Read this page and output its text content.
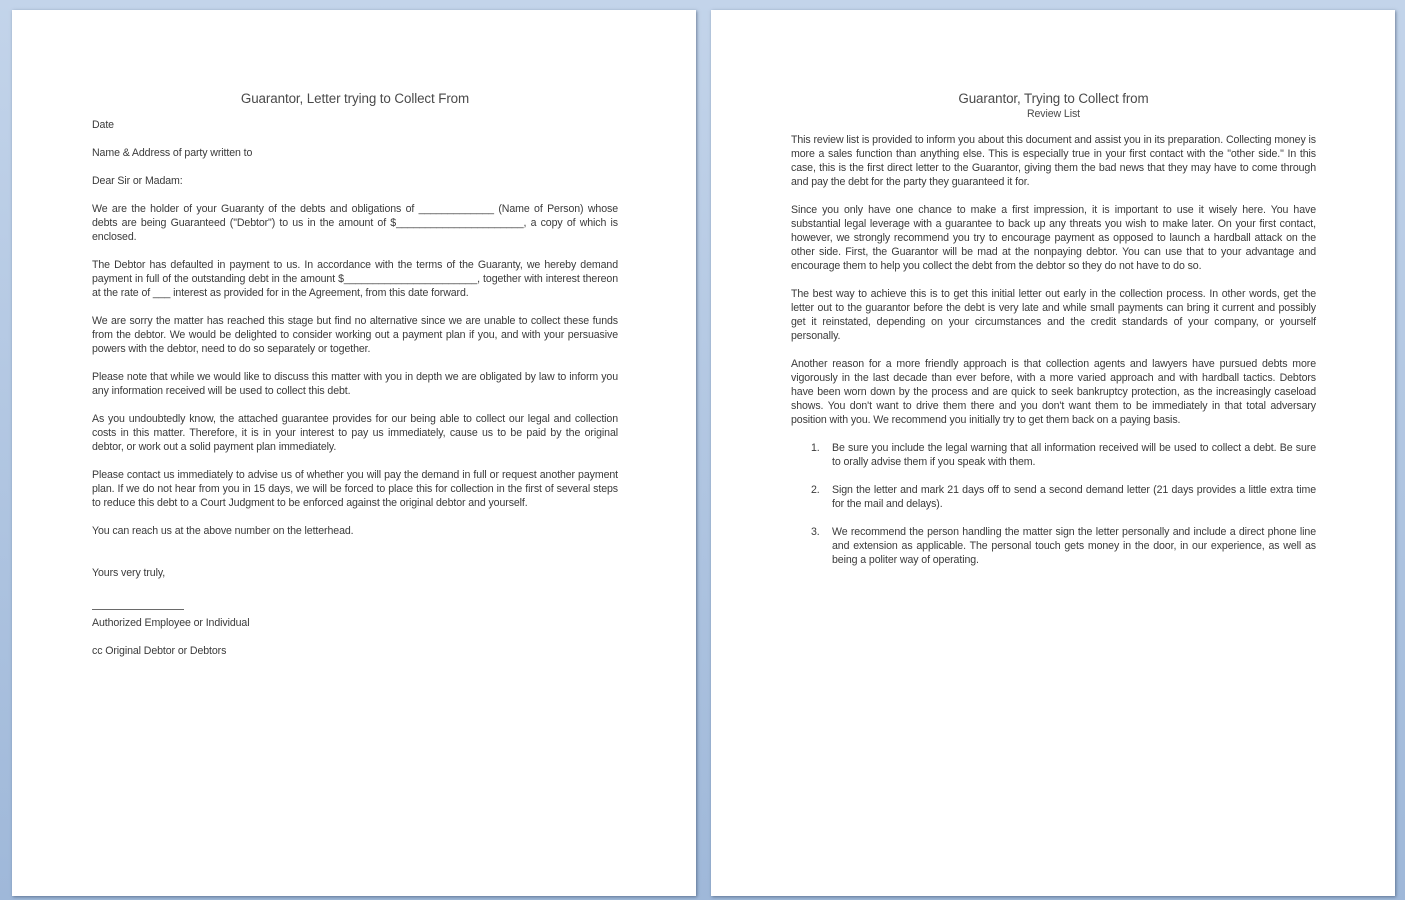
Guarantor, Letter trying to Collect From

Date

Name & Address of party written to

Dear Sir or Madam:

We are the holder of your Guaranty of the debts and obligations of _____________ (Name of Person) whose debts are being Guaranteed ("Debtor") to us in the amount of $______________________, a copy of which is enclosed.

The Debtor has defaulted in payment to us. In accordance with the terms of the Guaranty, we hereby demand payment in full of the outstanding debt in the amount $_______________________, together with interest thereon at the rate of ___ interest as provided for in the Agreement, from this date forward.

We are sorry the matter has reached this stage but find no alternative since we are unable to collect these funds from the debtor. We would be delighted to consider working out a payment plan if you, and with your persuasive powers with the debtor, need to do so separately or together.

Please note that while we would like to discuss this matter with you in depth we are obligated by law to inform you any information received will be used to collect this debt.

As you undoubtedly know, the attached guarantee provides for our being able to collect our legal and collection costs in this matter. Therefore, it is in your interest to pay us immediately, cause us to be paid by the original debtor, or work out a solid payment plan immediately.

Please contact us immediately to advise us of whether you will pay the demand in full or request another payment plan. If we do not hear from you in 15 days, we will be forced to place this for collection in the first of several steps to reduce this debt to a Court Judgment to be enforced against the original debtor and yourself.

You can reach us at the above number on the letterhead.

Yours very truly,

Authorized Employee or Individual

cc Original Debtor or Debtors

Guarantor, Trying to Collect from
Review List

This review list is provided to inform you about this document and assist you in its preparation. Collecting money is more a sales function than anything else. This is especially true in your first contact with the "other side." In this case, this is the first direct letter to the Guarantor, giving them the bad news that they may have to come through and pay the debt for the party they guaranteed it for.

Since you only have one chance to make a first impression, it is important to use it wisely here. You have substantial legal leverage with a guarantee to back up any threats you wish to make later. On your first contact, however, we strongly recommend you try to encourage payment as opposed to launch a hardball attack on the other side. First, the Guarantor will be mad at the nonpaying debtor. You can use that to your advantage and encourage them to help you collect the debt from the debtor so they do not have to do so.

The best way to achieve this is to get this initial letter out early in the collection process. In other words, get the letter out to the guarantor before the debt is very late and while small payments can bring it current and possibly get it reinstated, depending on your circumstances and the credit standards of your company, or yourself personally.

Another reason for a more friendly approach is that collection agents and lawyers have pursued debts more vigorously in the last decade than ever before, with a more varied approach and with hardball tactics. Debtors have been worn down by the process and are quick to seek bankruptcy protection, as the increasingly caseload shows. You don't want to drive them there and you don't want them to be immediately in that total adversary position with you. We recommend you initially try to get them back on a paying basis.

1. Be sure you include the legal warning that all information received will be used to collect a debt. Be sure to orally advise them if you speak with them.
2. Sign the letter and mark 21 days off to send a second demand letter (21 days provides a little extra time for the mail and delays).
3. We recommend the person handling the matter sign the letter personally and include a direct phone line and extension as applicable. The personal touch gets money in the door, in our experience, as well as being a politer way of operating.
